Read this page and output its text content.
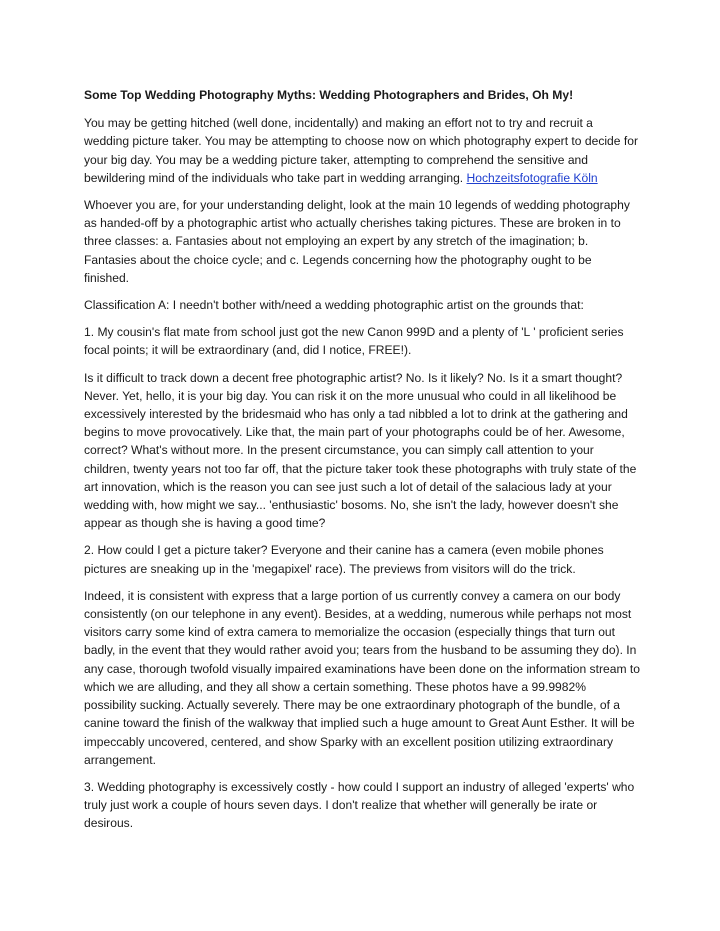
Some Top Wedding Photography Myths: Wedding Photographers and Brides, Oh My!

You may be getting hitched (well done, incidentally) and making an effort not to try and recruit a wedding picture taker. You may be attempting to choose now on which photography expert to decide for your big day. You may be a wedding picture taker, attempting to comprehend the sensitive and bewildering mind of the individuals who take part in wedding arranging. Hochzeitsfotografie Köln

Whoever you are, for your understanding delight, look at the main 10 legends of wedding photography as handed-off by a photographic artist who actually cherishes taking pictures. These are broken in to three classes: a. Fantasies about not employing an expert by any stretch of the imagination; b. Fantasies about the choice cycle; and c. Legends concerning how the photography ought to be finished.

Classification A: I needn't bother with/need a wedding photographic artist on the grounds that:

1. My cousin's flat mate from school just got the new Canon 999D and a plenty of 'L ' proficient series focal points; it will be extraordinary (and, did I notice, FREE!).

Is it difficult to track down a decent free photographic artist? No. Is it likely? No. Is it a smart thought? Never. Yet, hello, it is your big day. You can risk it on the more unusual who could in all likelihood be excessively interested by the bridesmaid who has only a tad nibbled a lot to drink at the gathering and begins to move provocatively. Like that, the main part of your photographs could be of her. Awesome, correct? What's without more. In the present circumstance, you can simply call attention to your children, twenty years not too far off, that the picture taker took these photographs with truly state of the art innovation, which is the reason you can see just such a lot of detail of the salacious lady at your wedding with, how might we say... 'enthusiastic' bosoms. No, she isn't the lady, however doesn't she appear as though she is having a good time?

2. How could I get a picture taker? Everyone and their canine has a camera (even mobile phones pictures are sneaking up in the 'megapixel' race). The previews from visitors will do the trick.

Indeed, it is consistent with express that a large portion of us currently convey a camera on our body consistently (on our telephone in any event). Besides, at a wedding, numerous while perhaps not most visitors carry some kind of extra camera to memorialize the occasion (especially things that turn out badly, in the event that they would rather avoid you; tears from the husband to be assuming they do). In any case, thorough twofold visually impaired examinations have been done on the information stream to which we are alluding, and they all show a certain something. These photos have a 99.9982% possibility sucking. Actually severely. There may be one extraordinary photograph of the bundle, of a canine toward the finish of the walkway that implied such a huge amount to Great Aunt Esther. It will be impeccably uncovered, centered, and show Sparky with an excellent position utilizing extraordinary arrangement.

3. Wedding photography is excessively costly - how could I support an industry of alleged 'experts' who truly just work a couple of hours seven days. I don't realize that whether will generally be irate or desirous.
